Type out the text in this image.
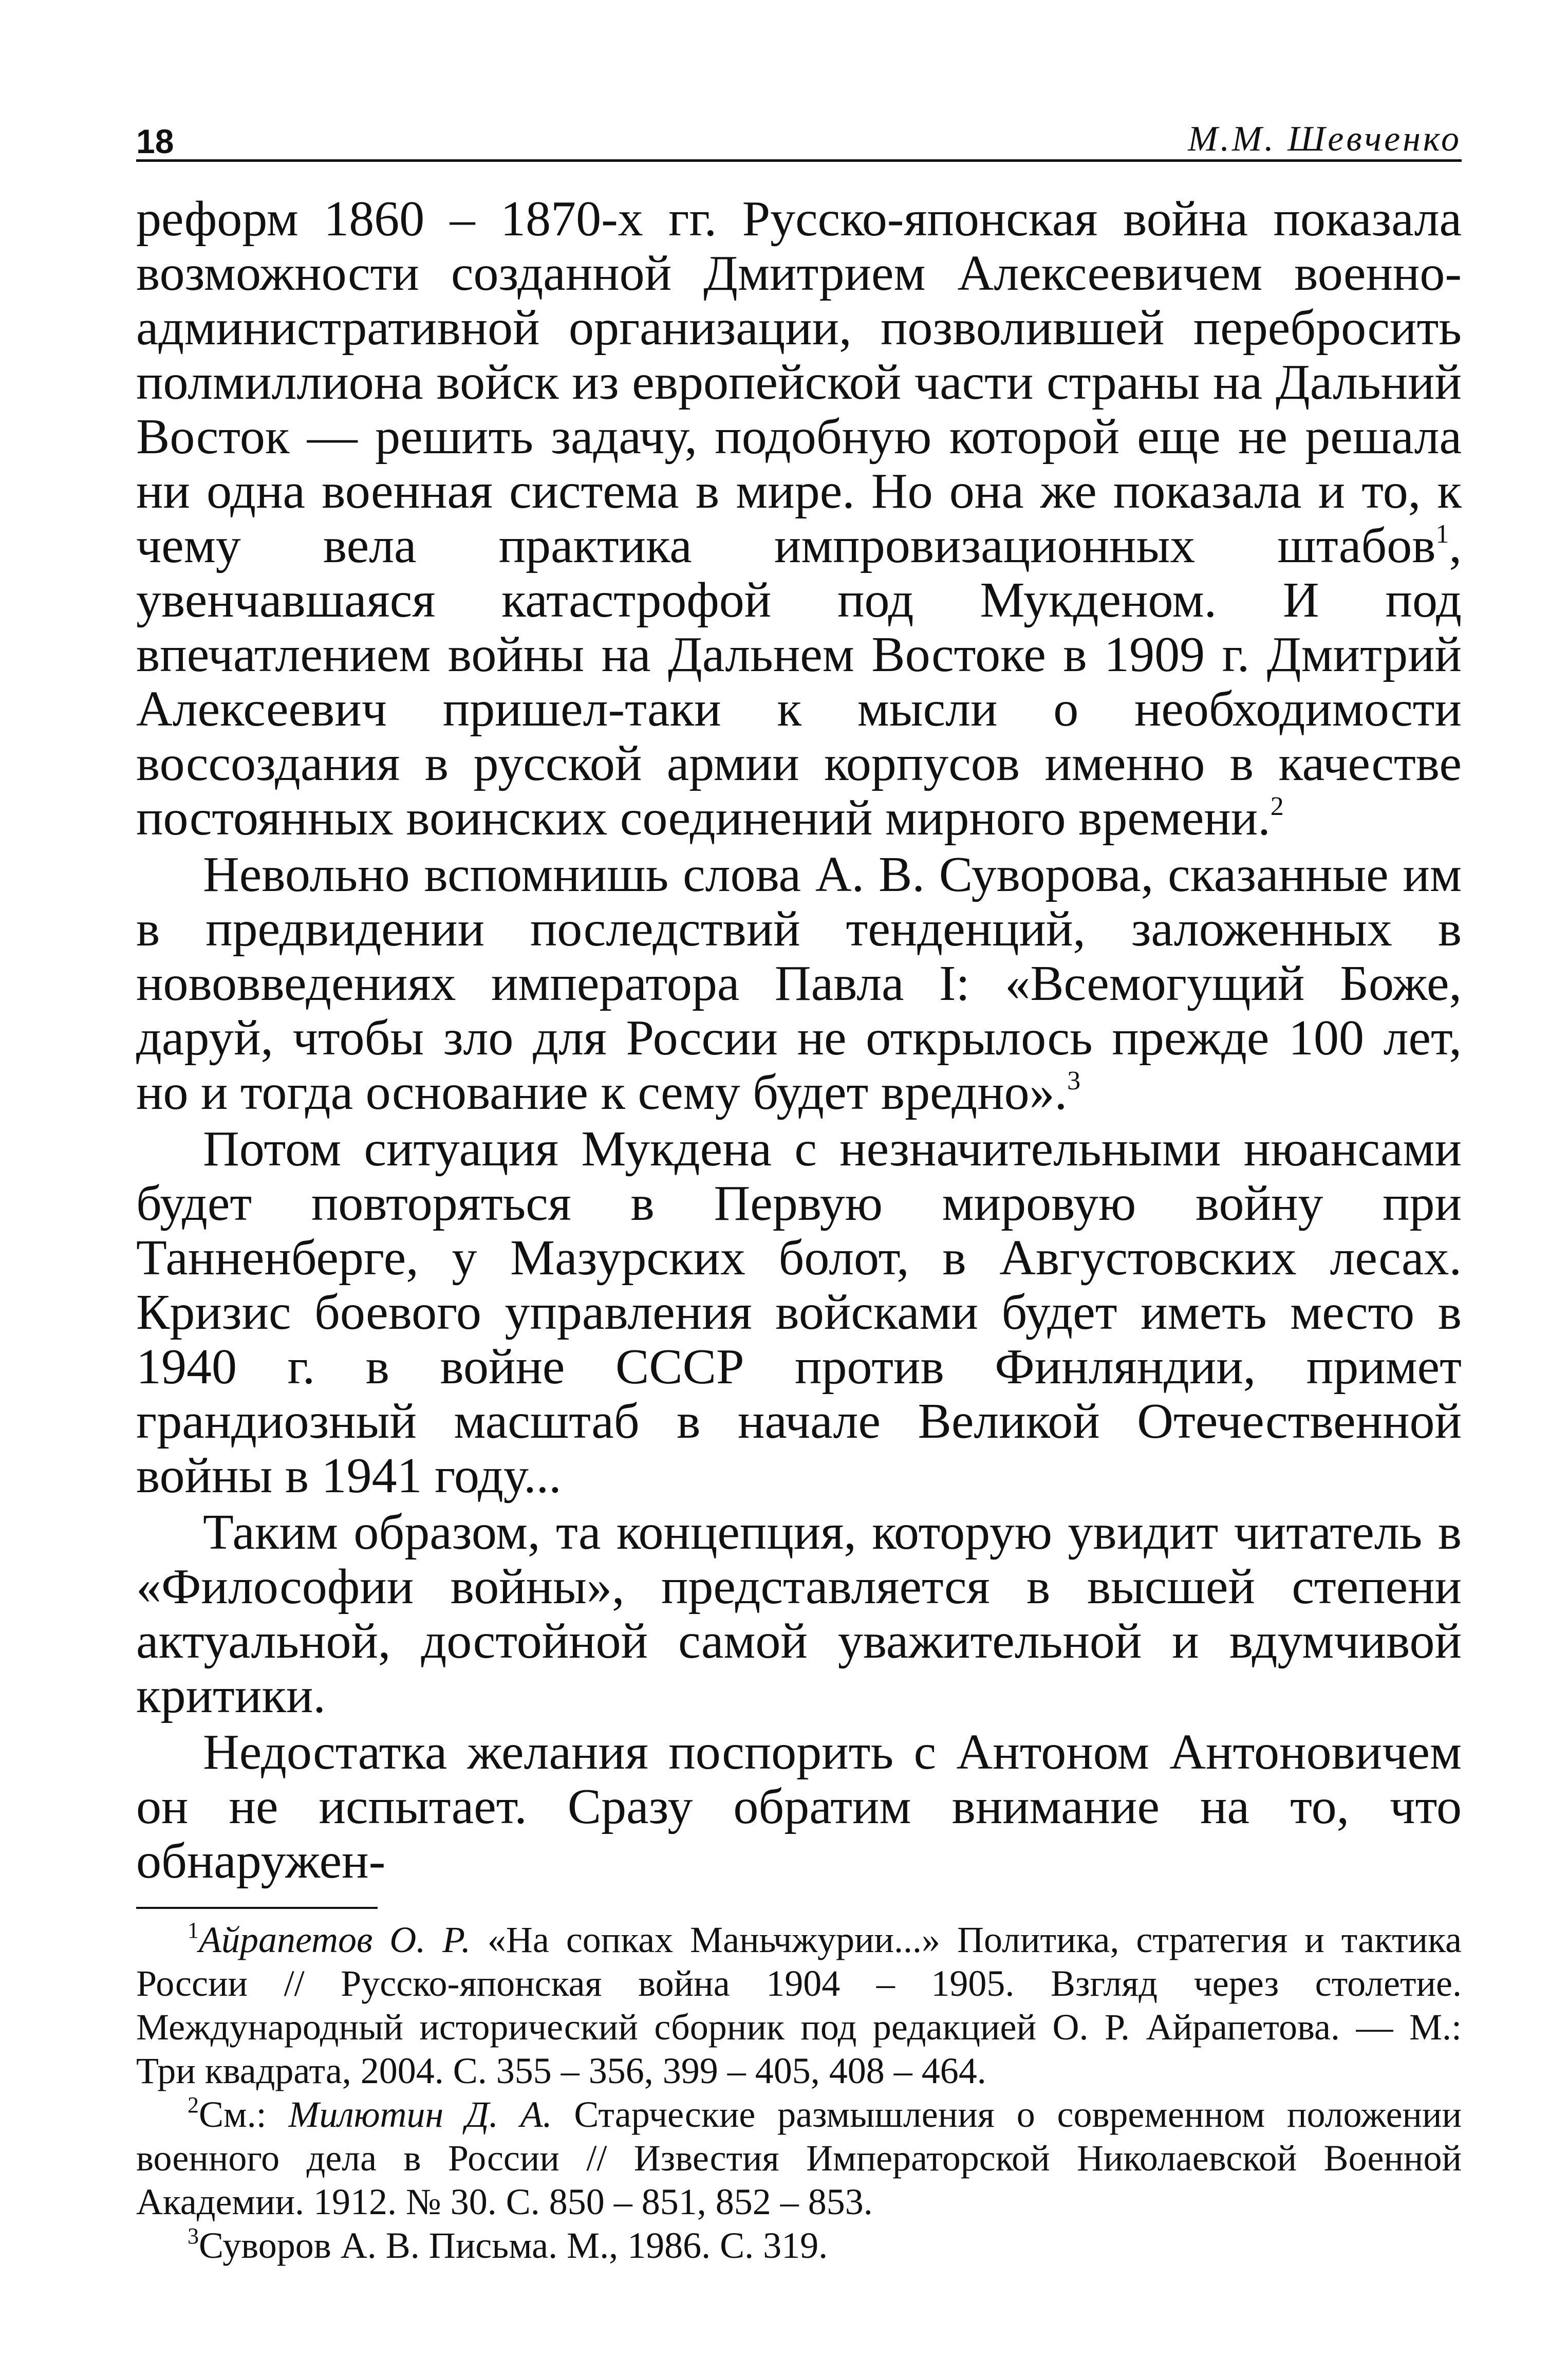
18	М.М. Шевченко

реформ 1860 – 1870-х гг. Русско-японская война показала возможности созданной Дмитрием Алексеевичем военно-административной организации, позволившей перебросить полмиллиона войск из европейской части страны на Дальний Восток — решить задачу, подобную которой еще не решала ни одна военная система в мире. Но она же показала и то, к чему вела практика импровизационных штабов$^1$, увенчавшаяся катастрофой под Мукденом. И под впечатлением войны на Дальнем Востоке в 1909 г. Дмитрий Алексеевич пришел-таки к мысли о необходимости воссоздания в русской армии корпусов именно в качестве постоянных воинских соединений мирного времени.$^2$

Невольно вспомнишь слова А. В. Суворова, сказанные им в предвидении последствий тенденций, заложенных в нововведениях императора Павла I: «Всемогущий Боже, даруй, чтобы зло для России не открылось прежде 100 лет, но и тогда основание к сему будет вредно».$^3$

Потом ситуация Мукдена с незначительными нюансами будет повторяться в Первую мировую войну при Танненберге, у Мазурских болот, в Августовских лесах. Кризис боевого управления войсками будет иметь место в 1940 г. в войне СССР против Финляндии, примет грандиозный масштаб в начале Великой Отечественной войны в 1941 году...

Таким образом, та концепция, которую увидит читатель в «Философии войны», представляется в высшей степени актуальной, достойной самой уважительной и вдумчивой критики.

Недостатка желания поспорить с Антоном Антоновичем он не испытает. Сразу обратим внимание на то, что обнаружен-

$^1$Айрапетов О. Р. «На сопках Маньчжурии...» Политика, стратегия и тактика России // Русско-японская война 1904 – 1905. Взгляд через столетие. Международный исторический сборник под редакцией О. Р. Айрапетова. — М.: Три квадрата, 2004. С. 355 – 356, 399 – 405, 408 – 464.

$^2$См.: Милютин Д. А. Старческие размышления о современном положении военного дела в России // Известия Императорской Николаевской Военной Академии. 1912. № 30. С. 850 – 851, 852 – 853.

$^3$Суворов А. В. Письма. М., 1986. С. 319.
